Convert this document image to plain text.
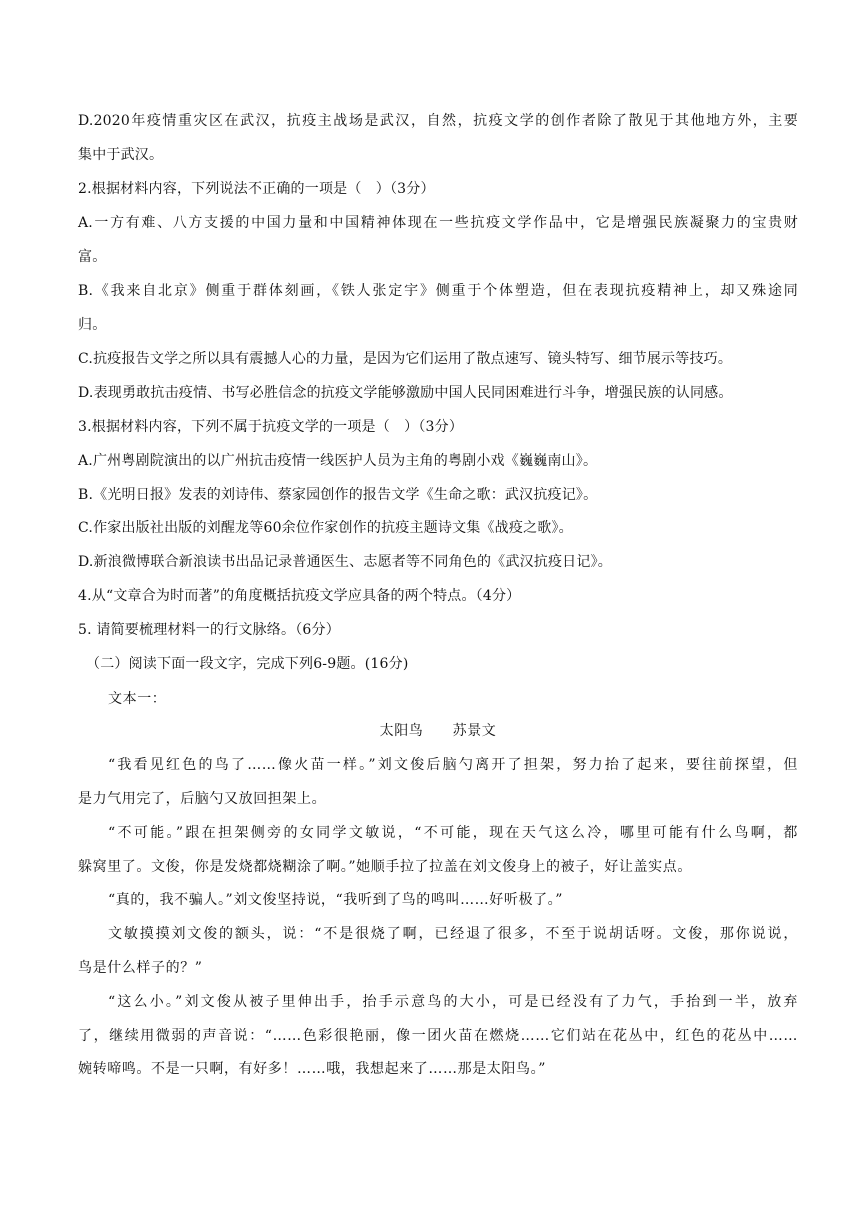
D.2020年疫情重灾区在武汉，抗疫主战场是武汉，自然，抗疫文学的创作者除了散见于其他地方外，主要
集中于武汉。
2.根据材料内容，下列说法不正确的一项是（　）（3分）
A.一方有难、八方支援的中国力量和中国精神体现在一些抗疫文学作品中，它是增强民族凝聚力的宝贵财
富。
B.《我来自北京》侧重于群体刻画，《铁人张定宇》侧重于个体塑造，但在表现抗疫精神上，却又殊途同
归。
C.抗疫报告文学之所以具有震撼人心的力量，是因为它们运用了散点速写、镜头特写、细节展示等技巧。
D.表现勇敢抗击疫情、书写必胜信念的抗疫文学能够激励中国人民同困难进行斗争，增强民族的认同感。
3.根据材料内容，下列不属于抗疫文学的一项是（　）（3分）
A.广州粤剧院演出的以广州抗击疫情一线医护人员为主角的粤剧小戏《巍巍南山》。
B.《光明日报》发表的刘诗伟、蔡家园创作的报告文学《生命之歌：武汉抗疫记》。
C.作家出版社出版的刘醒龙等60余位作家创作的抗疫主题诗文集《战疫之歌》。
D.新浪微博联合新浪读书出品记录普通医生、志愿者等不同角色的《武汉抗疫日记》。
4.从“文章合为时而著”的角度概括抗疫文学应具备的两个特点。（4分）
5. 请简要梳理材料一的行文脉络。（6分）
（二）阅读下面一段文字，完成下列6-9题。(16分)
文本一：
太阳鸟　　苏景文
“我看见红色的鸟了……像火苗一样。”刘文俊后脑勺离开了担架，努力抬了起来，要往前探望，但
是力气用完了，后脑勺又放回担架上。
“不可能。”跟在担架侧旁的女同学文敏说，“不可能，现在天气这么冷，哪里可能有什么鸟啊，都
躲窝里了。文俊，你是发烧都烧糊涂了啊。”她顺手拉了拉盖在刘文俊身上的被子，好让盖实点。
“真的，我不骗人。”刘文俊坚持说，“我听到了鸟的鸣叫……好听极了。”
文敏摸摸刘文俊的额头，说：“不是很烧了啊，已经退了很多，不至于说胡话呀。文俊，那你说说，
鸟是什么样子的？”
“这么小。”刘文俊从被子里伸出手，抬手示意鸟的大小，可是已经没有了力气，手抬到一半，放弃
了，继续用微弱的声音说：“……色彩很艳丽，像一团火苗在燃烧……它们站在花丛中，红色的花丛中……
婉转啼鸣。不是一只啊，有好多！……哦，我想起来了……那是太阳鸟。”
